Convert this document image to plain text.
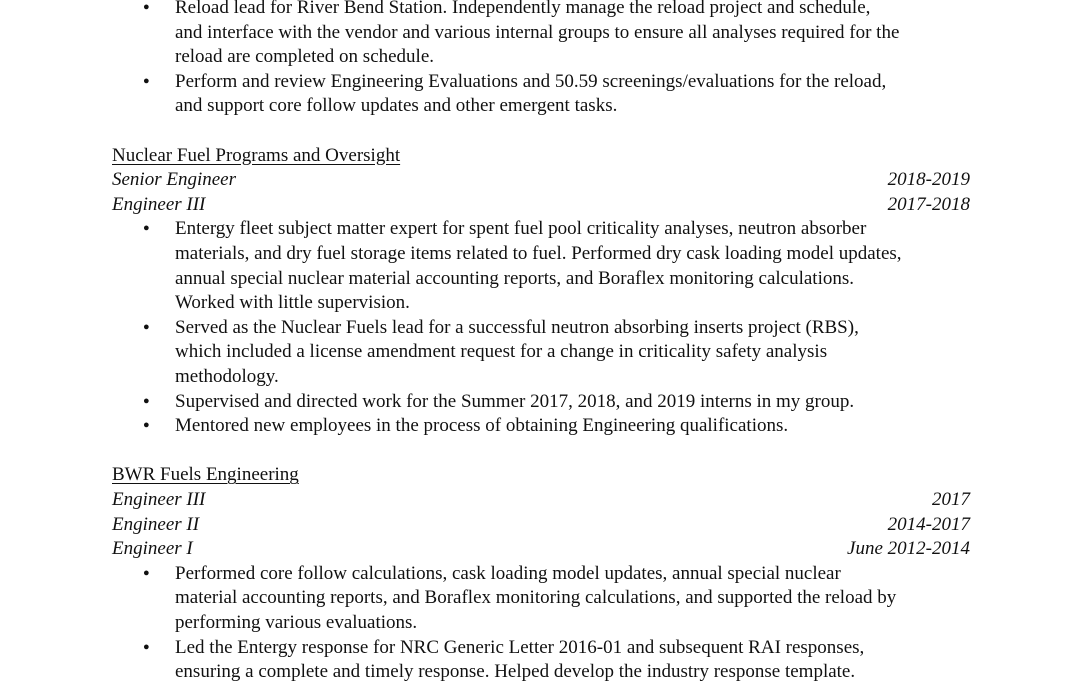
● Reload lead for River Bend Station. Independently manage the reload project and schedule,
and interface with the vendor and various internal groups to ensure all analyses required for the
reload are completed on schedule.
● Perform and review Engineering Evaluations and 50.59 screenings/evaluations for the reload,
and support core follow updates and other emergent tasks.
Nuclear Fuel Programs and Oversight
Senior Engineer	2018-2019
Engineer III	2017-2018
● Entergy fleet subject matter expert for spent fuel pool criticality analyses, neutron absorber
materials, and dry fuel storage items related to fuel. Performed dry cask loading model updates,
annual special nuclear material accounting reports, and Boraflex monitoring calculations.
Worked with little supervision.
● Served as the Nuclear Fuels lead for a successful neutron absorbing inserts project (RBS),
which included a license amendment request for a change in criticality safety analysis
methodology.
● Supervised and directed work for the Summer 2017, 2018, and 2019 interns in my group.
● Mentored new employees in the process of obtaining Engineering qualifications.
BWR Fuels Engineering
Engineer III	2017
Engineer II	2014-2017
Engineer I	June 2012-2014
● Performed core follow calculations, cask loading model updates, annual special nuclear
material accounting reports, and Boraflex monitoring calculations, and supported the reload by
performing various evaluations.
● Led the Entergy response for NRC Generic Letter 2016-01 and subsequent RAI responses,
ensuring a complete and timely response. Helped develop the industry response template.
